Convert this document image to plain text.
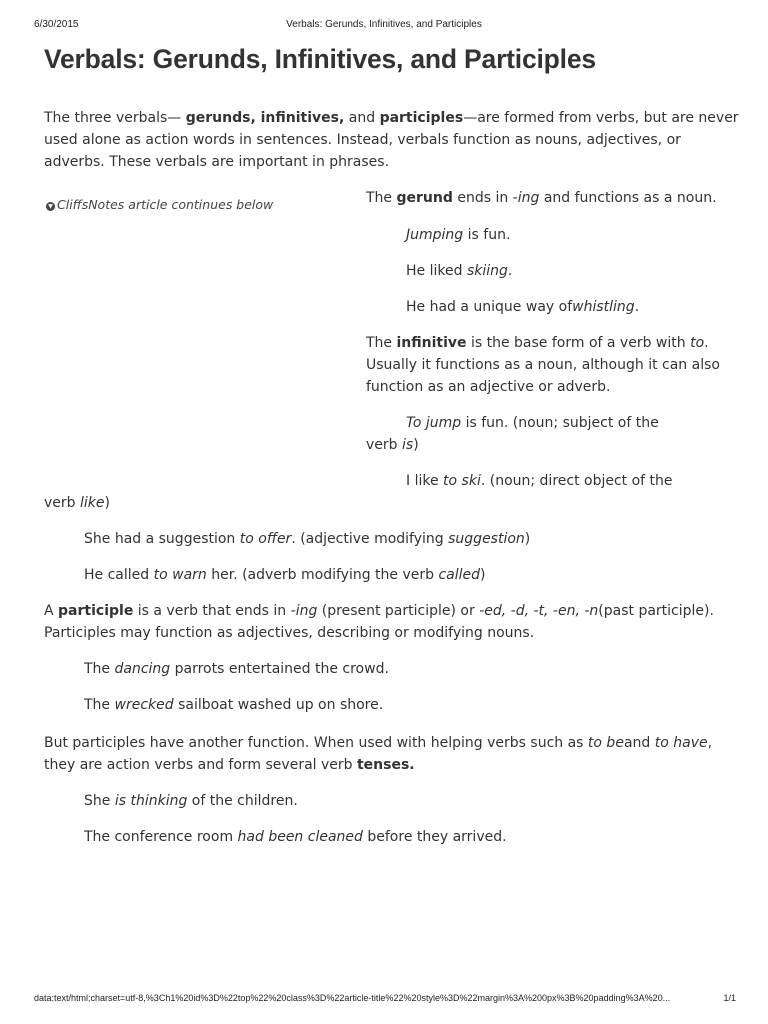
6/30/2015	Verbals: Gerunds, Infinitives, and Participles
Verbals: Gerunds, Infinitives, and Participles

The three verbals— gerunds, infinitives, and participles—are formed from verbs, but are never used alone as action words in sentences. Instead, verbals function as nouns, adjectives, or adverbs. These verbals are important in phrases.

▼ CliffsNotes article continues below	The gerund ends in -ing and functions as a noun.

Jumping is fun.

He liked skiing.

He had a unique way ofwhistling.

The infinitive is the base form of a verb with to. Usually it functions as a noun, although it can also function as an adjective or adverb.

To jump is fun. (noun; subject of the
verb is)

I like to ski. (noun; direct object of the
verb like)

She had a suggestion to offer. (adjective modifying suggestion)

He called to warn her. (adverb modifying the verb called)

A participle is a verb that ends in -ing (present participle) or -ed, -d, -t, -en, -n(past participle). Participles may function as adjectives, describing or modifying nouns.

The dancing parrots entertained the crowd.

The wrecked sailboat washed up on shore.

But participles have another function. When used with helping verbs such as to beand to have, they are action verbs and form several verb tenses.

She is thinking of the children.

The conference room had been cleaned before they arrived.

data:text/html;charset=utf-8,%3Ch1%20id%3D%22top%22%20class%3D%22article-title%22%20style%3D%22margin%3A%200px%3B%20padding%3A%20...	1/1
